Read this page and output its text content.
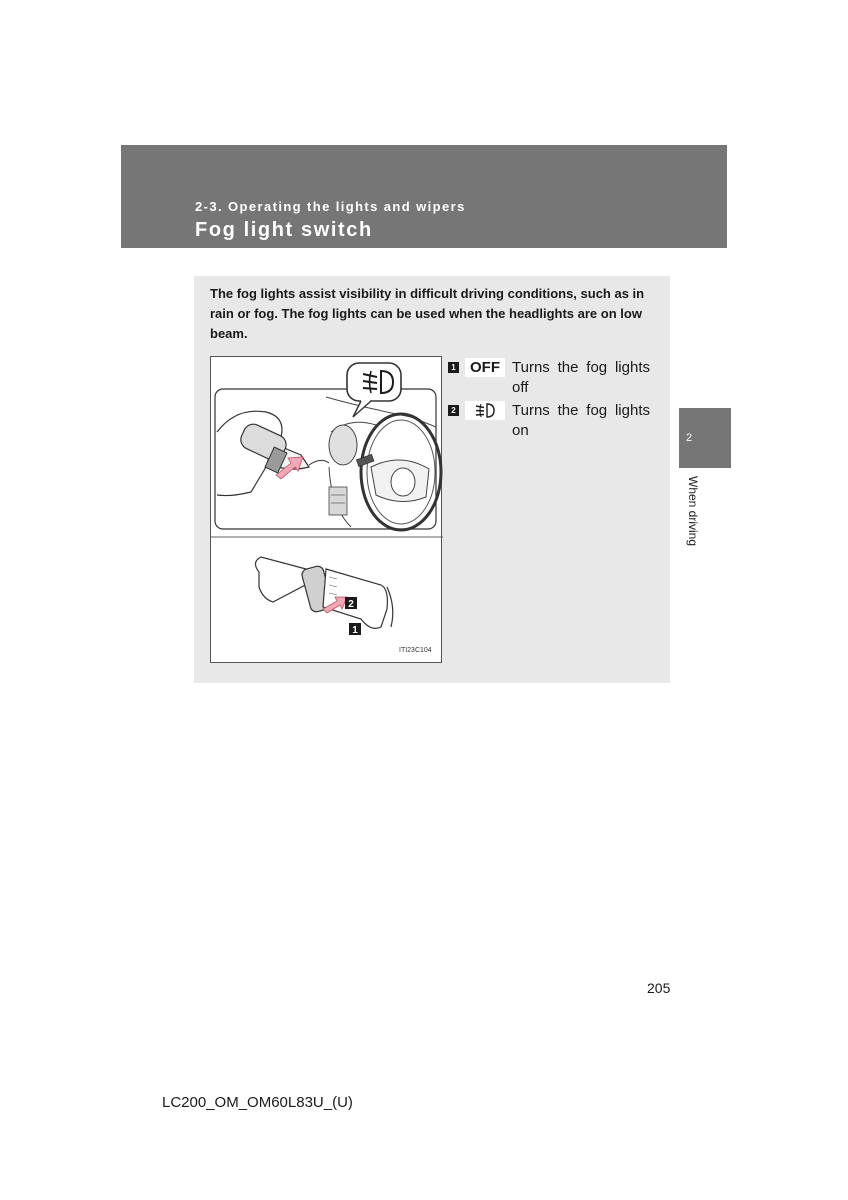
2-3. Operating the lights and wipers
Fog light switch
2
When driving
The fog lights assist visibility in difficult driving conditions, such as in rain or fog. The fog lights can be used when the headlights are on low beam.
2
1
ITI23C104
1 OFF Turns the fog lights off
2	Turns the fog lights on
205
LC200_OM_OM60L83U_(U)
